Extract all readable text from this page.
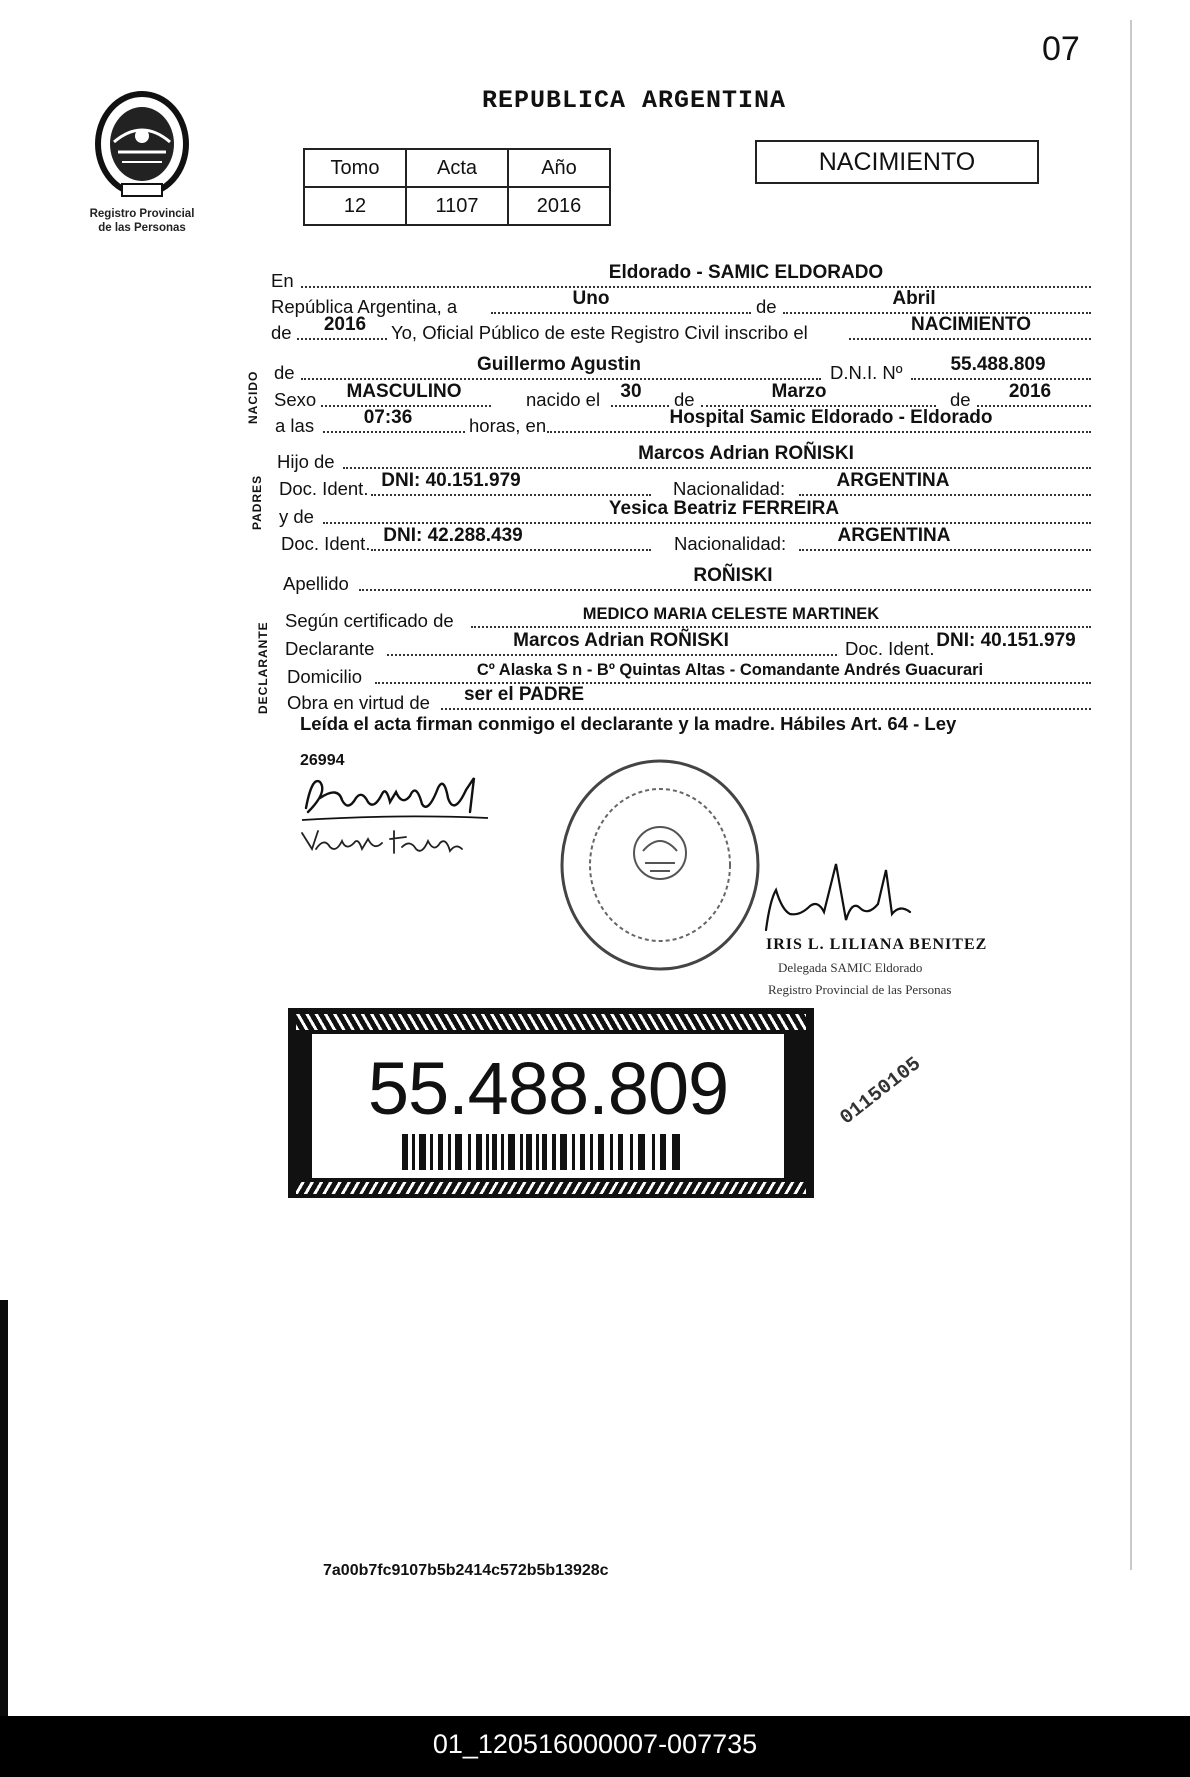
07
Registro Provincial
de las Personas
REPUBLICA ARGENTINA
Tomo	Acta	Año
12	1107	2016
NACIMIENTO
En	Eldorado - SAMIC ELDORADO
República Argentina, a	Uno	de	Abril
de 2016 Yo, Oficial Público de este Registro Civil inscribo el	NACIMIENTO
de	Guillermo Agustin	D.N.I. Nº	55.488.809
Sexo MASCULINO	nacido el 30 de	Marzo	de 2016
a las	07:36	horas, en	Hospital Samic Eldorado - Eldorado
Hijo de	Marcos Adrian ROÑISKI
Doc. Ident. DNI: 40.151.979	Nacionalidad:	ARGENTINA
y de	Yesica Beatriz FERREIRA
Doc. Ident. DNI: 42.288.439	Nacionalidad:	ARGENTINA
Apellido	ROÑISKI
Según certificado de	MEDICO MARIA CELESTE MARTINEK
Declarante	Marcos Adrian ROÑISKI	Doc. Ident. DNI: 40.151.979
Domicilio	Cº Alaska S n - Bº Quintas Altas - Comandante Andrés Guacurari
Obra en virtud de ser el PADRE
NACIDO
PADRES
DECLARANTE
Leída el acta firman conmigo el declarante y la madre. Hábiles Art. 64 - Ley
26994
IRIS L. LILIANA BENITEZ
Delegada SAMIC Eldorado
Registro Provincial de las Personas
55.488.809	01150105
7a00b7fc9107b5b2414c572b5b13928c
01_120516000007-007735
